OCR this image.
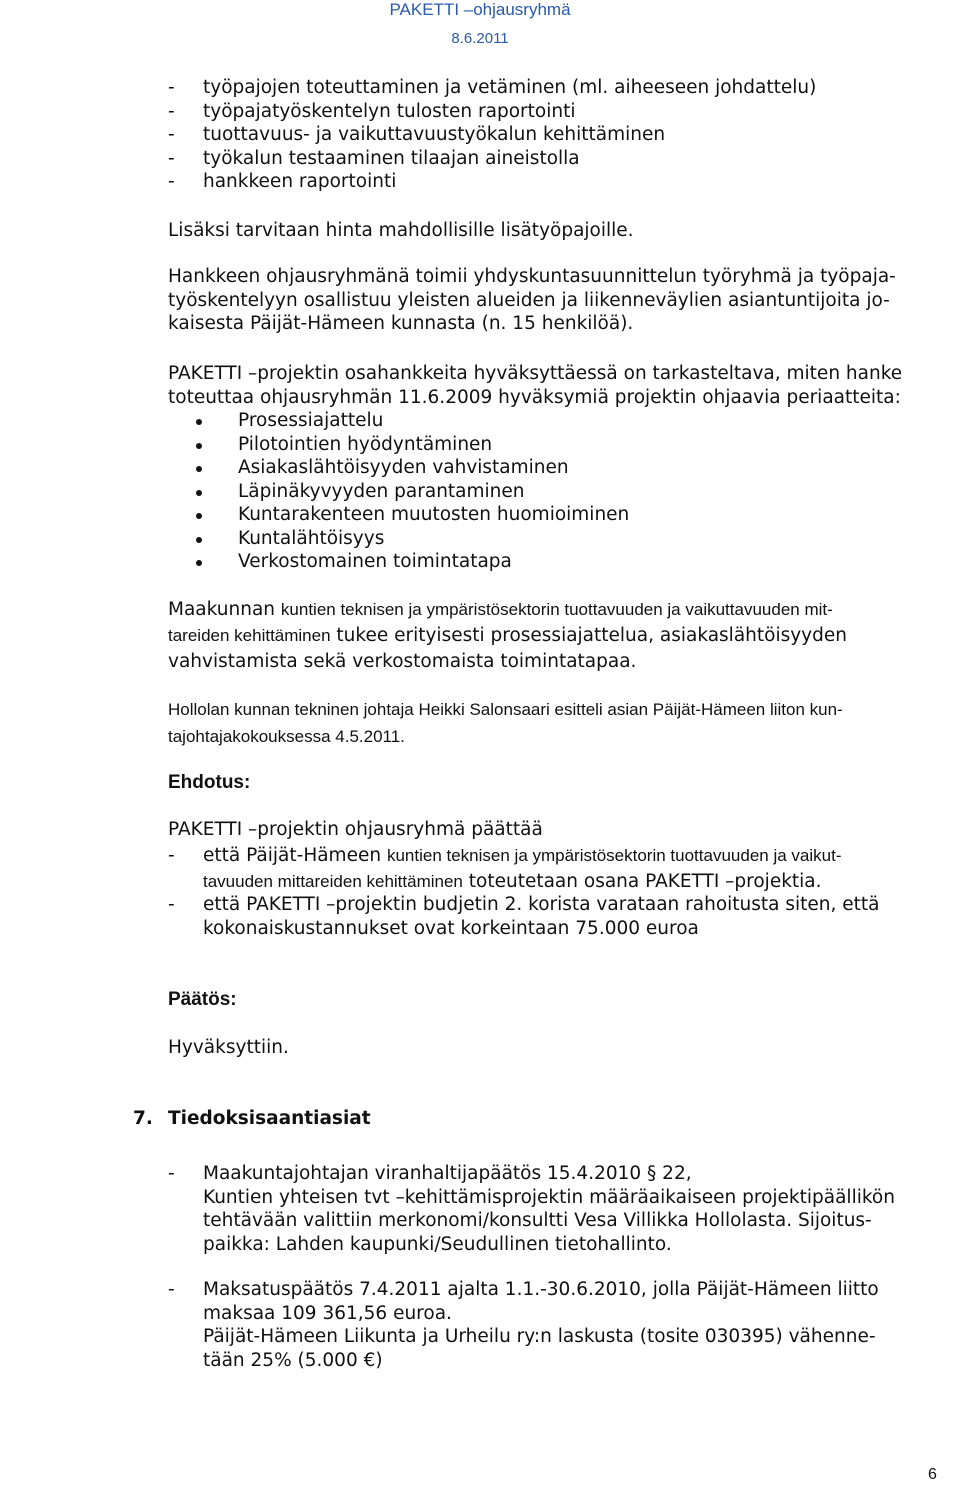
PAKETTI –ohjausryhmä
8.6.2011
- työpajojen toteuttaminen ja vetäminen (ml. aiheeseen johdattelu)
- työpajatyöskentelyn tulosten raportointi
- tuottavuus- ja vaikuttavuustyökalun kehittäminen
- työkalun testaaminen tilaajan aineistolla
- hankkeen raportointi
Lisäksi tarvitaan hinta mahdollisille lisätyöpajoille.
Hankkeen ohjausryhmänä toimii yhdyskuntasuunnittelun työryhmä ja työpaja-
työskentelyyn osallistuu yleisten alueiden ja liikenneväylien asiantuntijoita jo-
kaisesta Päijät-Hämeen kunnasta (n. 15 henkilöä).
PAKETTI –projektin osahankkeita hyväksyttäessä on tarkasteltava, miten hanke
toteuttaa ohjausryhmän 11.6.2009 hyväksymiä projektin ohjaavia periaatteita:
Prosessiajattelu
Pilotointien hyödyntäminen
Asiakaslähtöisyyden vahvistaminen
Läpinäkyvyyden parantaminen
Kuntarakenteen muutosten huomioiminen
Kuntalähtöisyys
Verkostomainen toimintatapa
Maakunnan kuntien teknisen ja ympäristösektorin tuottavuuden ja vaikuttavuuden mit-
tareiden kehittäminen tukee erityisesti prosessiajattelua, asiakaslähtöisyyden
vahvistamista sekä verkostomaista toimintatapaa.
Hollolan kunnan tekninen johtaja Heikki Salonsaari esitteli asian Päijät-Hämeen liiton kun-
tajohtajakokouksessa 4.5.2011.
Ehdotus:
PAKETTI –projektin ohjausryhmä päättää
- että Päijät-Hämeen kuntien teknisen ja ympäristösektorin tuottavuuden ja vaikut-
tavuuden mittareiden kehittäminen toteutetaan osana PAKETTI –projektia.
- että PAKETTI –projektin budjetin 2. korista varataan rahoitusta siten, että
kokonaiskustannukset ovat korkeintaan 75.000 euroa
Päätös:
Hyväksyttiin.
7. Tiedoksisaantiasiat
- Maakuntajohtajan viranhaltijapäätös 15.4.2010 § 22,
Kuntien yhteisen tvt –kehittämisprojektin määräaikaiseen projektipäällikön
tehtävään valittiin merkonomi/konsultti Vesa Villikka Hollolasta. Sijoitus-
paikka: Lahden kaupunki/Seudullinen tietohallinto.
- Maksatuspäätös 7.4.2011 ajalta 1.1.-30.6.2010, jolla Päijät-Hämeen liitto
maksaa 109 361,56 euroa.
Päijät-Hämeen Liikunta ja Urheilu ry:n laskusta (tosite 030395) vähenne-
tään 25% (5.000 €)
6
